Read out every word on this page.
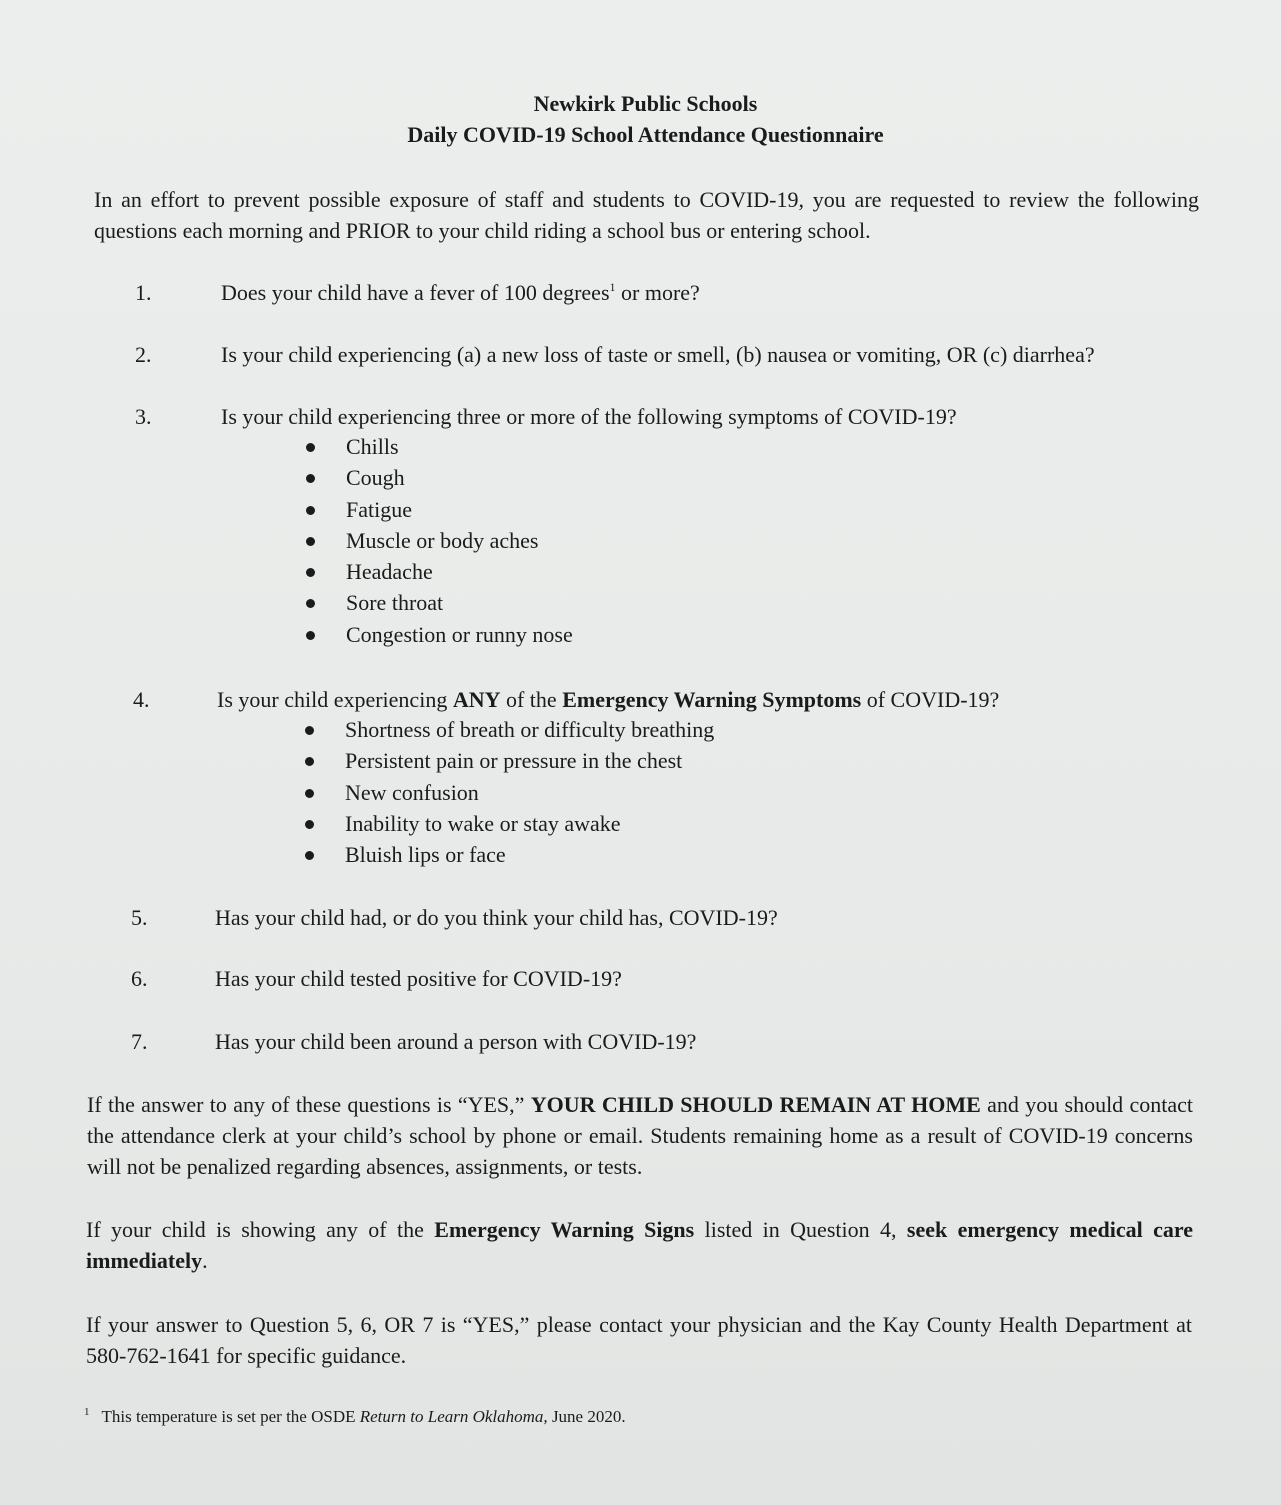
Newkirk Public Schools
Daily COVID-19 School Attendance Questionnaire
In an effort to prevent possible exposure of staff and students to COVID-19, you are requested to review the following questions each morning and PRIOR to your child riding a school bus or entering school.
1.	Does your child have a fever of 100 degrees$^1$ or more?
2.	Is your child experiencing (a) a new loss of taste or smell, (b) nausea or vomiting, OR (c) diarrhea?
3.	Is your child experiencing three or more of the following symptoms of COVID-19?
Chills
Cough
Fatigue
Muscle or body aches
Headache
Sore throat
Congestion or runny nose
4.	Is your child experiencing ANY of the Emergency Warning Symptoms of COVID-19?
Shortness of breath or difficulty breathing
Persistent pain or pressure in the chest
New confusion
Inability to wake or stay awake
Bluish lips or face
5.	Has your child had, or do you think your child has, COVID-19?
6.	Has your child tested positive for COVID-19?
7.	Has your child been around a person with COVID-19?
If the answer to any of these questions is “YES,” YOUR CHILD SHOULD REMAIN AT HOME and you should contact the attendance clerk at your child’s school by phone or email. Students remaining home as a result of COVID-19 concerns will not be penalized regarding absences, assignments, or tests.
If your child is showing any of the Emergency Warning Signs listed in Question 4, seek emergency medical care immediately.
If your answer to Question 5, 6, OR 7 is “YES,” please contact your physician and the Kay County Health Department at 580-762-1641 for specific guidance.
$^1$ This temperature is set per the OSDE Return to Learn Oklahoma, June 2020.
